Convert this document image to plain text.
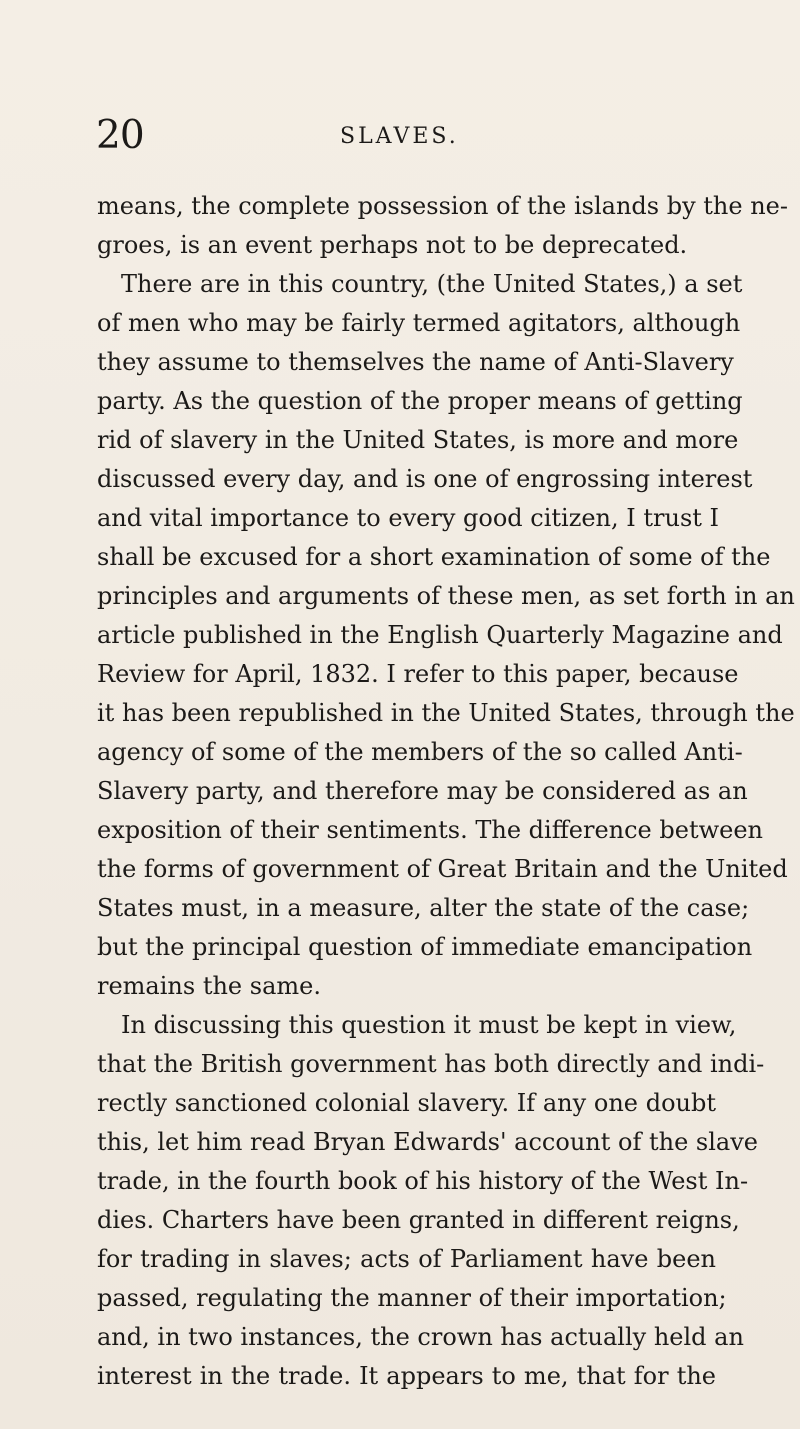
20	SLAVES.
means, the complete possession of the islands by the ne-
groes, is an event perhaps not to be deprecated.
There are in this country, (the United States,) a set
of men who may be fairly termed agitators, although
they assume to themselves the name of Anti-Slavery
party. As the question of the proper means of getting
rid of slavery in the United States, is more and more
discussed every day, and is one of engrossing interest
and vital importance to every good citizen, I trust I
shall be excused for a short examination of some of the
principles and arguments of these men, as set forth in an
article published in the English Quarterly Magazine and
Review for April, 1832. I refer to this paper, because
it has been republished in the United States, through the
agency of some of the members of the so called Anti-
Slavery party, and therefore may be considered as an
exposition of their sentiments. The difference between
the forms of government of Great Britain and the United
States must, in a measure, alter the state of the case;
but the principal question of immediate emancipation
remains the same.
In discussing this question it must be kept in view,
that the British government has both directly and indi-
rectly sanctioned colonial slavery. If any one doubt
this, let him read Bryan Edwards' account of the slave
trade, in the fourth book of his history of the West In-
dies. Charters have been granted in different reigns,
for trading in slaves; acts of Parliament have been
passed, regulating the manner of their importation;
and, in two instances, the crown has actually held an
interest in the trade. It appears to me, that for the
